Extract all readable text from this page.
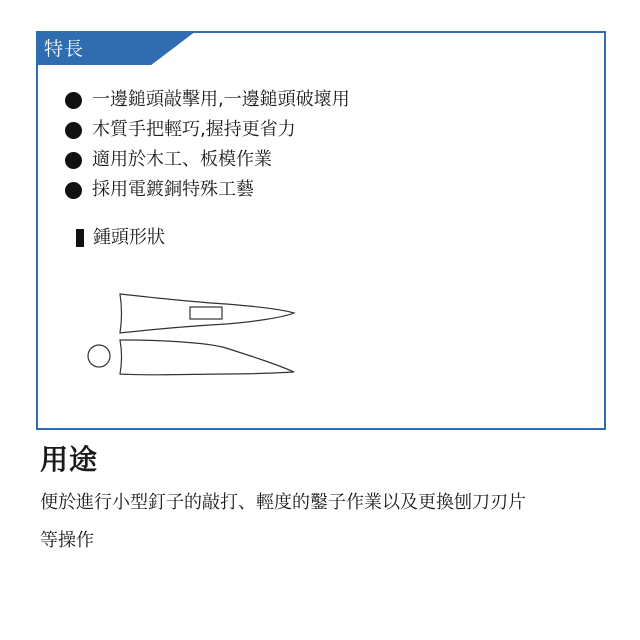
特長
一邊鎚頭敲擊用,一邊鎚頭破壞用
木質手把輕巧,握持更省力
適用於木工、板模作業
採用電鍍銅特殊工藝
鍾頭形狀
用途
便於進行小型釘子的敲打、輕度的鑿子作業以及更換刨刀刃片
等操作
